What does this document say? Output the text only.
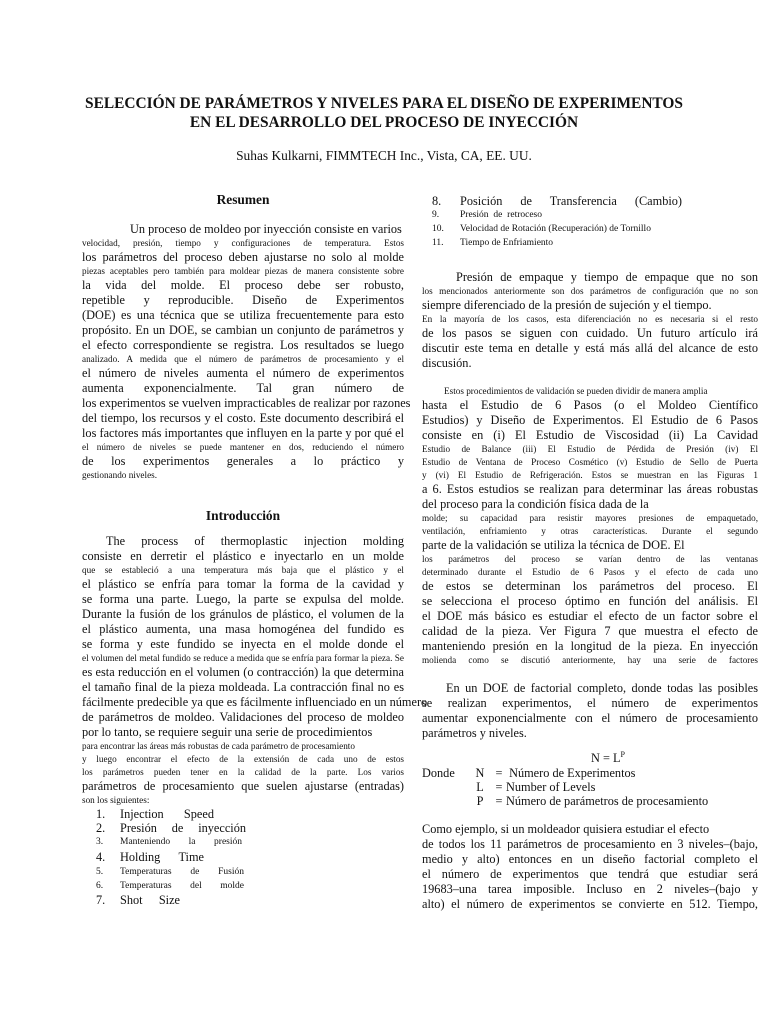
SELECCIÓN DE PARÁMETROS Y NIVELES PARA EL DISEÑO DE EXPERIMENTOS
EN EL DESARROLLO DEL PROCESO DE INYECCIÓN
Suhas Kulkarni, FIMMTECH Inc., Vista, CA, EE. UU.
Resumen
Un proceso de moldeo por inyección consiste en varios
velocidad, presión, tiempo y configuraciones de temperatura. Estos
los parámetros del proceso deben ajustarse no solo al molde
piezas aceptables pero también para moldear piezas de manera consistente sobre
la vida del molde. El proceso debe ser robusto,
repetible y reproducible. Diseño de Experimentos
(DOE) es una técnica que se utiliza frecuentemente para esto
propósito. En un DOE, se cambian un conjunto de parámetros y
el efecto correspondiente se registra. Los resultados se luego
analizado. A medida que el número de parámetros de procesamiento y el
el número de niveles aumenta el número de experimentos
aumenta exponencialmente. Tal gran número de
los experimentos se vuelven impracticables de realizar por razones
del tiempo, los recursos y el costo. Este documento describirá el
los factores más importantes que influyen en la parte y por qué el
el número de niveles se puede mantener en dos, reduciendo el número
de los experimentos generales a lo práctico y
gestionando niveles.
Introducción
The process of thermoplastic injection molding
consiste en derretir el plástico e inyectarlo en un molde
que se estableció a una temperatura más baja que el plástico y el
el plástico se enfría para tomar la forma de la cavidad y
se forma una parte. Luego, la parte se expulsa del molde.
Durante la fusión de los gránulos de plástico, el volumen de la
el plástico aumenta, una masa homogénea del fundido es
se forma y este fundido se inyecta en el molde donde el
el volumen del metal fundido se reduce a medida que se enfría para formar la pieza. Se
es esta reducción en el volumen (o contracción) la que determina
el tamaño final de la pieza moldeada. La contracción final no es
fácilmente predecible ya que es fácilmente influenciado en un número
de parámetros de moldeo. Validaciones del proceso de moldeo
por lo tanto, se requiere seguir una serie de procedimientos
para encontrar las áreas más robustas de cada parámetro de procesamiento
y luego encontrar el efecto de la extensión de cada uno de estos
los parámetros pueden tener en la calidad de la parte. Los varios
parámetros de procesamiento que suelen ajustarse (entradas)
son los siguientes:
1. Injection Speed
2. Presión de inyección
3. Manteniendo la presión
4. Holding Time
5. Temperaturas de Fusión
6. Temperaturas del molde
7. Shot Size
8. Posición de Transferencia (Cambio)
9. Presión de retroceso
10. Velocidad de Rotación (Recuperación) de Tornillo
11. Tiempo de Enfriamiento
Presión de empaque y tiempo de empaque que no son
los mencionados anteriormente son dos parámetros de configuración que no son
siempre diferenciado de la presión de sujeción y el tiempo.
En la mayoría de los casos, esta diferenciación no es necesaria si el resto
de los pasos se siguen con cuidado. Un futuro artículo irá
discutir este tema en detalle y está más allá del alcance de esto
discusión.
Estos procedimientos de validación se pueden dividir de manera amplia
hasta el Estudio de 6 Pasos (o el Moldeo Científico
Estudios) y Diseño de Experimentos. El Estudio de 6 Pasos
consiste en (i) El Estudio de Viscosidad (ii) La Cavidad
Estudio de Balance (iii) El Estudio de Pérdida de Presión (iv) El
Estudio de Ventana de Proceso Cosmético (v) Estudio de Sello de Puerta
y (vi) El Estudio de Refrigeración. Estos se muestran en las Figuras 1
a 6. Estos estudios se realizan para determinar las áreas robustas
del proceso para la condición física dada de la
molde; su capacidad para resistir mayores presiones de empaquetado,
ventilación, enfriamiento y otras características. Durante el segundo
parte de la validación se utiliza la técnica de DOE. El
los parámetros del proceso se varían dentro de las ventanas
determinado durante el Estudio de 6 Pasos y el efecto de cada uno
de estos se determinan los parámetros del proceso. El
se selecciona el proceso óptimo en función del análisis. El
el DOE más básico es estudiar el efecto de un factor sobre el
calidad de la pieza. Ver Figura 7 que muestra el efecto de
manteniendo presión en la longitud de la pieza. En inyección
molienda como se discutió anteriormente, hay una serie de factores
En un DOE de factorial completo, donde todas las posibles
se realizan experimentos, el número de experimentos
aumentar exponencialmente con el número de procesamiento
parámetros y niveles.
$N = L^P$
Donde N = Número de Experimentos
L = Number of Levels
P = Número de parámetros de procesamiento
Como ejemplo, si un moldeador quisiera estudiar el efecto
de todos los 11 parámetros de procesamiento en 3 niveles–(bajo,
medio y alto) entonces en un diseño factorial completo el
el número de experimentos que tendrá que estudiar será
19683–una tarea imposible. Incluso en 2 niveles–(bajo y
alto) el número de experimentos se convierte en 512. Tiempo,
